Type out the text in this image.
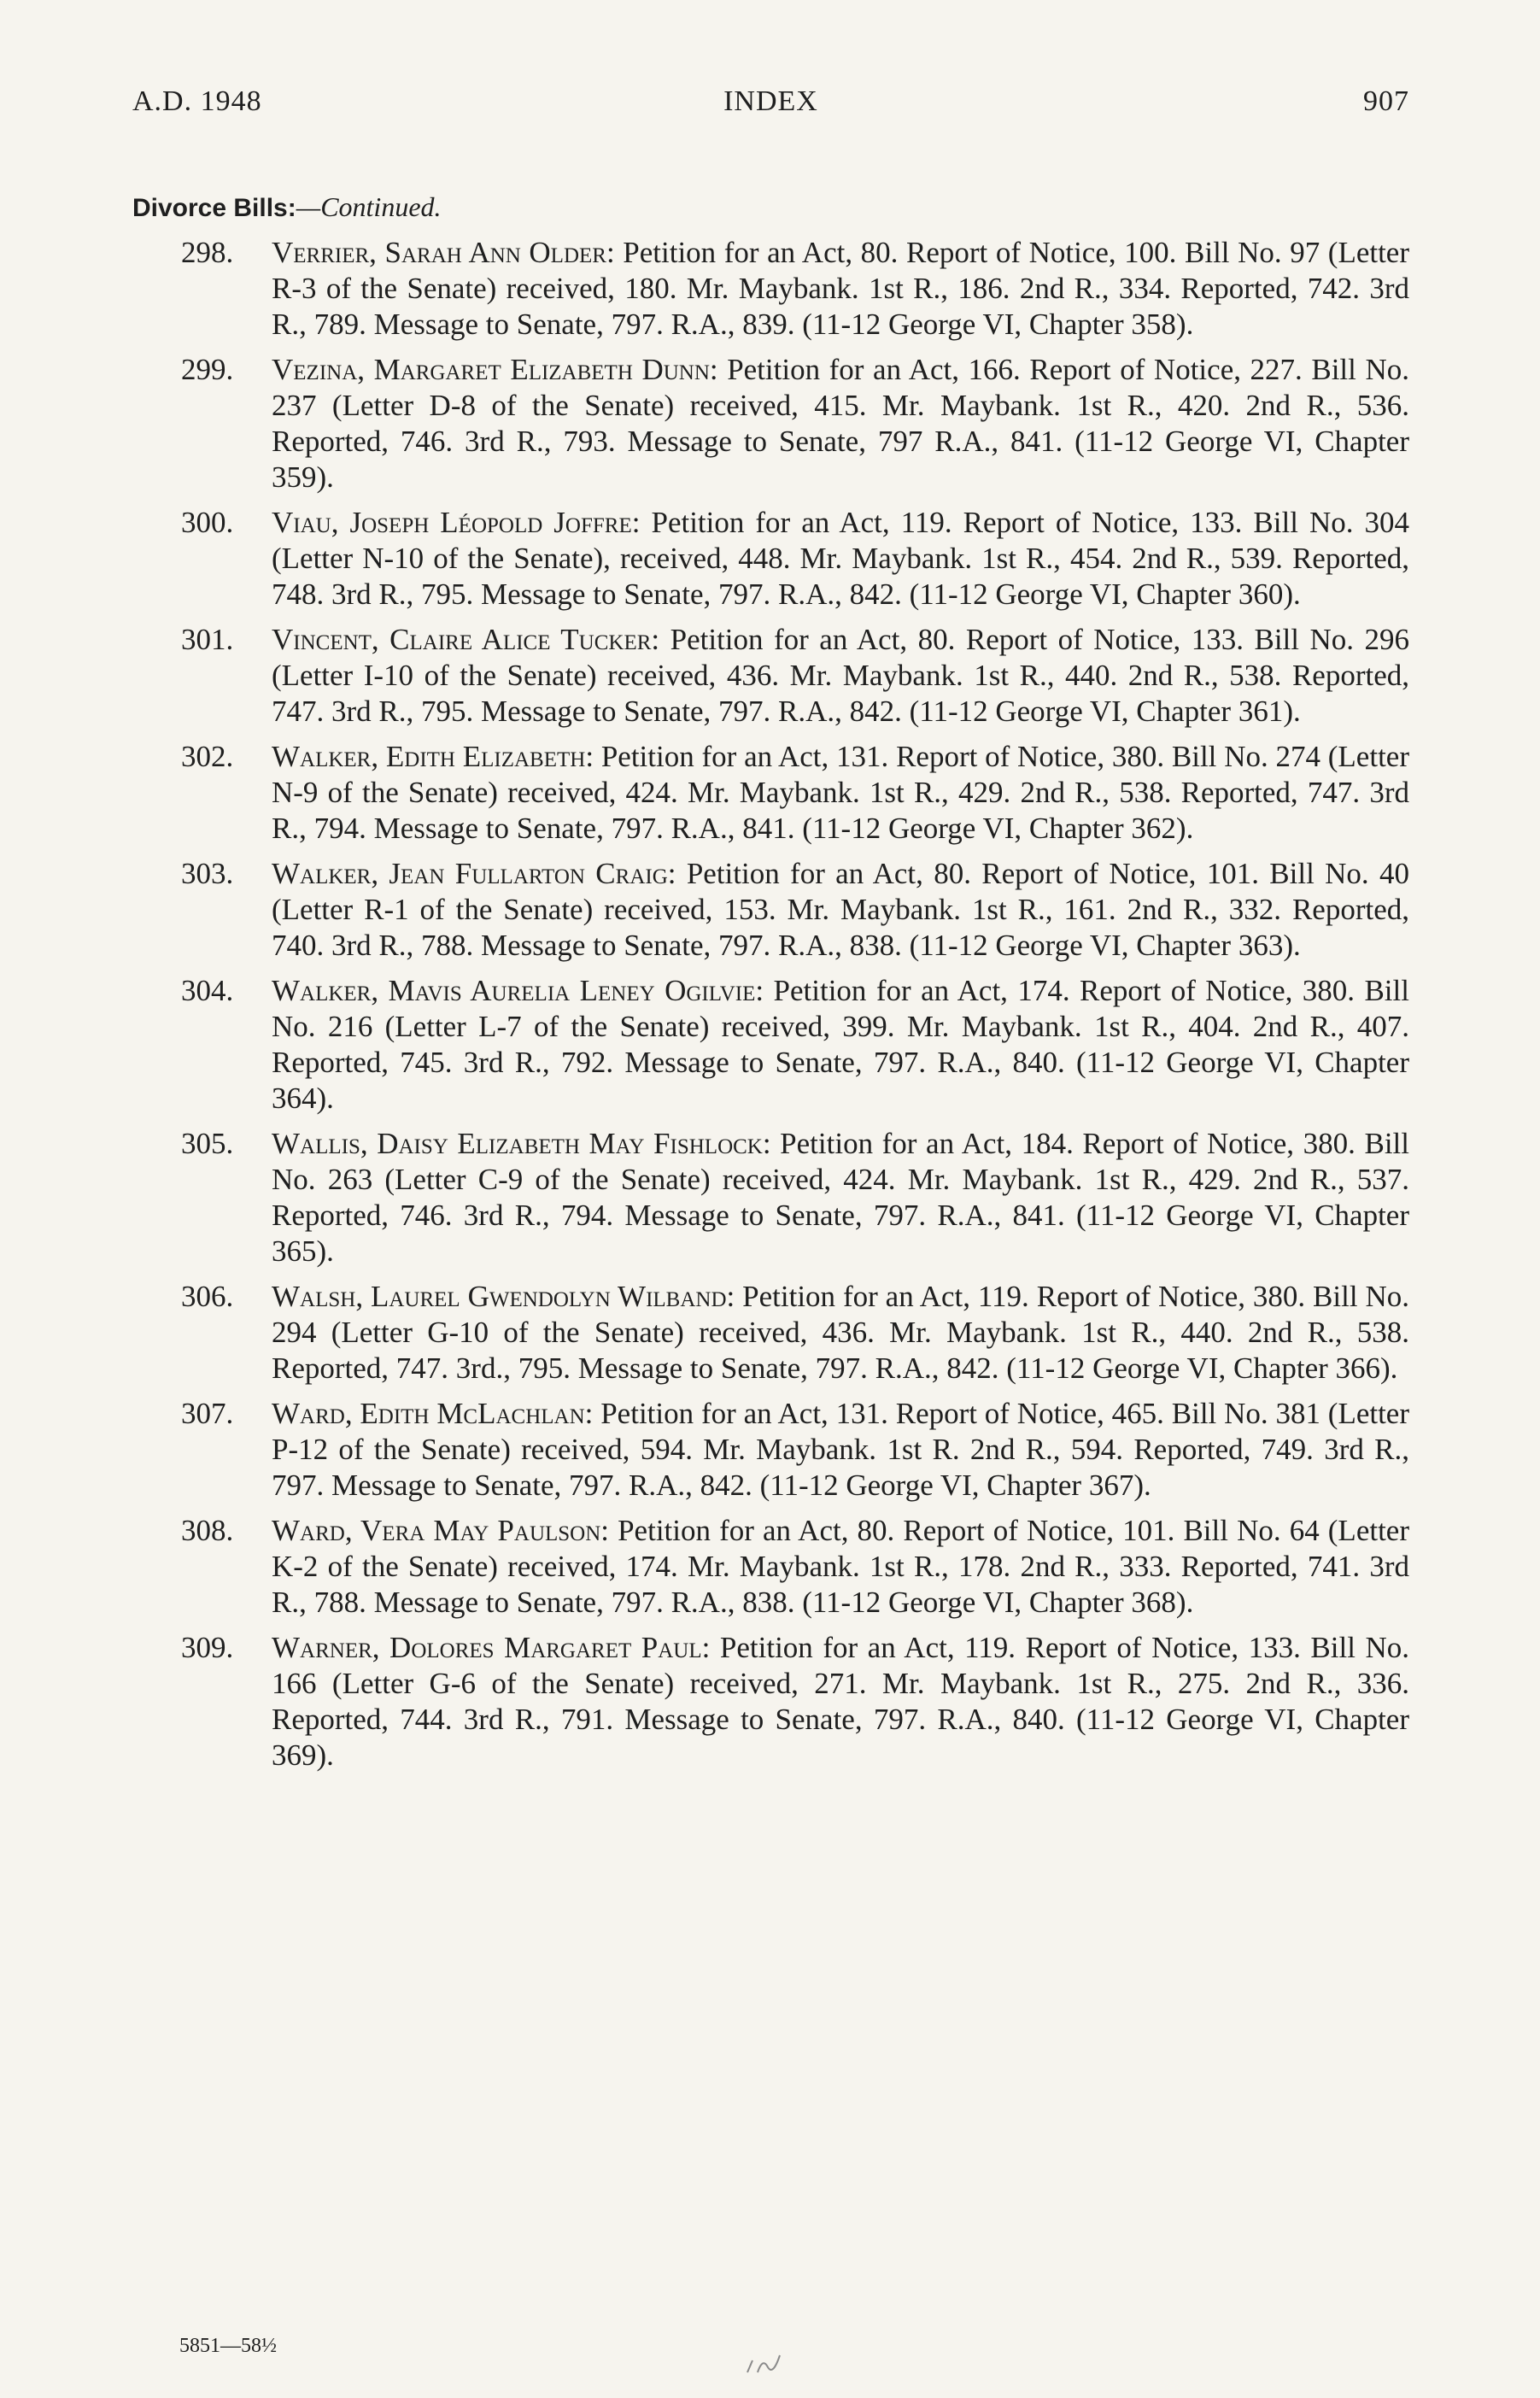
A.D. 1948	INDEX	907
Divorce Bills:—Continued.
298. Verrier, Sarah Ann Older: Petition for an Act, 80. Report of Notice, 100. Bill No. 97 (Letter R-3 of the Senate) received, 180. Mr. Maybank. 1st R., 186. 2nd R., 334. Reported, 742. 3rd R., 789. Message to Senate, 797. R.A., 839. (11-12 George VI, Chapter 358).
299. Vezina, Margaret Elizabeth Dunn: Petition for an Act, 166. Report of Notice, 227. Bill No. 237 (Letter D-8 of the Senate) received, 415. Mr. Maybank. 1st R., 420. 2nd R., 536. Reported, 746. 3rd R., 793. Message to Senate, 797 R.A., 841. (11-12 George VI, Chapter 359).
300. Viau, Joseph Léopold Joffre: Petition for an Act, 119. Report of Notice, 133. Bill No. 304 (Letter N-10 of the Senate), received, 448. Mr. Maybank. 1st R., 454. 2nd R., 539. Reported, 748. 3rd R., 795. Message to Senate, 797. R.A., 842. (11-12 George VI, Chapter 360).
301. Vincent, Claire Alice Tucker: Petition for an Act, 80. Report of Notice, 133. Bill No. 296 (Letter I-10 of the Senate) received, 436. Mr. Maybank. 1st R., 440. 2nd R., 538. Reported, 747. 3rd R., 795. Message to Senate, 797. R.A., 842. (11-12 George VI, Chapter 361).
302. Walker, Edith Elizabeth: Petition for an Act, 131. Report of Notice, 380. Bill No. 274 (Letter N-9 of the Senate) received, 424. Mr. Maybank. 1st R., 429. 2nd R., 538. Reported, 747. 3rd R., 794. Message to Senate, 797. R.A., 841. (11-12 George VI, Chapter 362).
303. Walker, Jean Fullarton Craig: Petition for an Act, 80. Report of Notice, 101. Bill No. 40 (Letter R-1 of the Senate) received, 153. Mr. Maybank. 1st R., 161. 2nd R., 332. Reported, 740. 3rd R., 788. Message to Senate, 797. R.A., 838. (11-12 George VI, Chapter 363).
304. Walker, Mavis Aurelia Leney Ogilvie: Petition for an Act, 174. Report of Notice, 380. Bill No. 216 (Letter L-7 of the Senate) received, 399. Mr. Maybank. 1st R., 404. 2nd R., 407. Reported, 745. 3rd R., 792. Message to Senate, 797. R.A., 840. (11-12 George VI, Chapter 364).
305. Wallis, Daisy Elizabeth May Fishlock: Petition for an Act, 184. Report of Notice, 380. Bill No. 263 (Letter C-9 of the Senate) received, 424. Mr. Maybank. 1st R., 429. 2nd R., 537. Reported, 746. 3rd R., 794. Message to Senate, 797. R.A., 841. (11-12 George VI, Chapter 365).
306. Walsh, Laurel Gwendolyn Wilband: Petition for an Act, 119. Report of Notice, 380. Bill No. 294 (Letter G-10 of the Senate) received, 436. Mr. Maybank. 1st R., 440. 2nd R., 538. Reported, 747. 3rd., 795. Message to Senate, 797. R.A., 842. (11-12 George VI, Chapter 366).
307. Ward, Edith McLachlan: Petition for an Act, 131. Report of Notice, 465. Bill No. 381 (Letter P-12 of the Senate) received, 594. Mr. Maybank. 1st R. 2nd R., 594. Reported, 749. 3rd R., 797. Message to Senate, 797. R.A., 842. (11-12 George VI, Chapter 367).
308. Ward, Vera May Paulson: Petition for an Act, 80. Report of Notice, 101. Bill No. 64 (Letter K-2 of the Senate) received, 174. Mr. Maybank. 1st R., 178. 2nd R., 333. Reported, 741. 3rd R., 788. Message to Senate, 797. R.A., 838. (11-12 George VI, Chapter 368).
309. Warner, Dolores Margaret Paul: Petition for an Act, 119. Report of Notice, 133. Bill No. 166 (Letter G-6 of the Senate) received, 271. Mr. Maybank. 1st R., 275. 2nd R., 336. Reported, 744. 3rd R., 791. Message to Senate, 797. R.A., 840. (11-12 George VI, Chapter 369).
5851—58½
